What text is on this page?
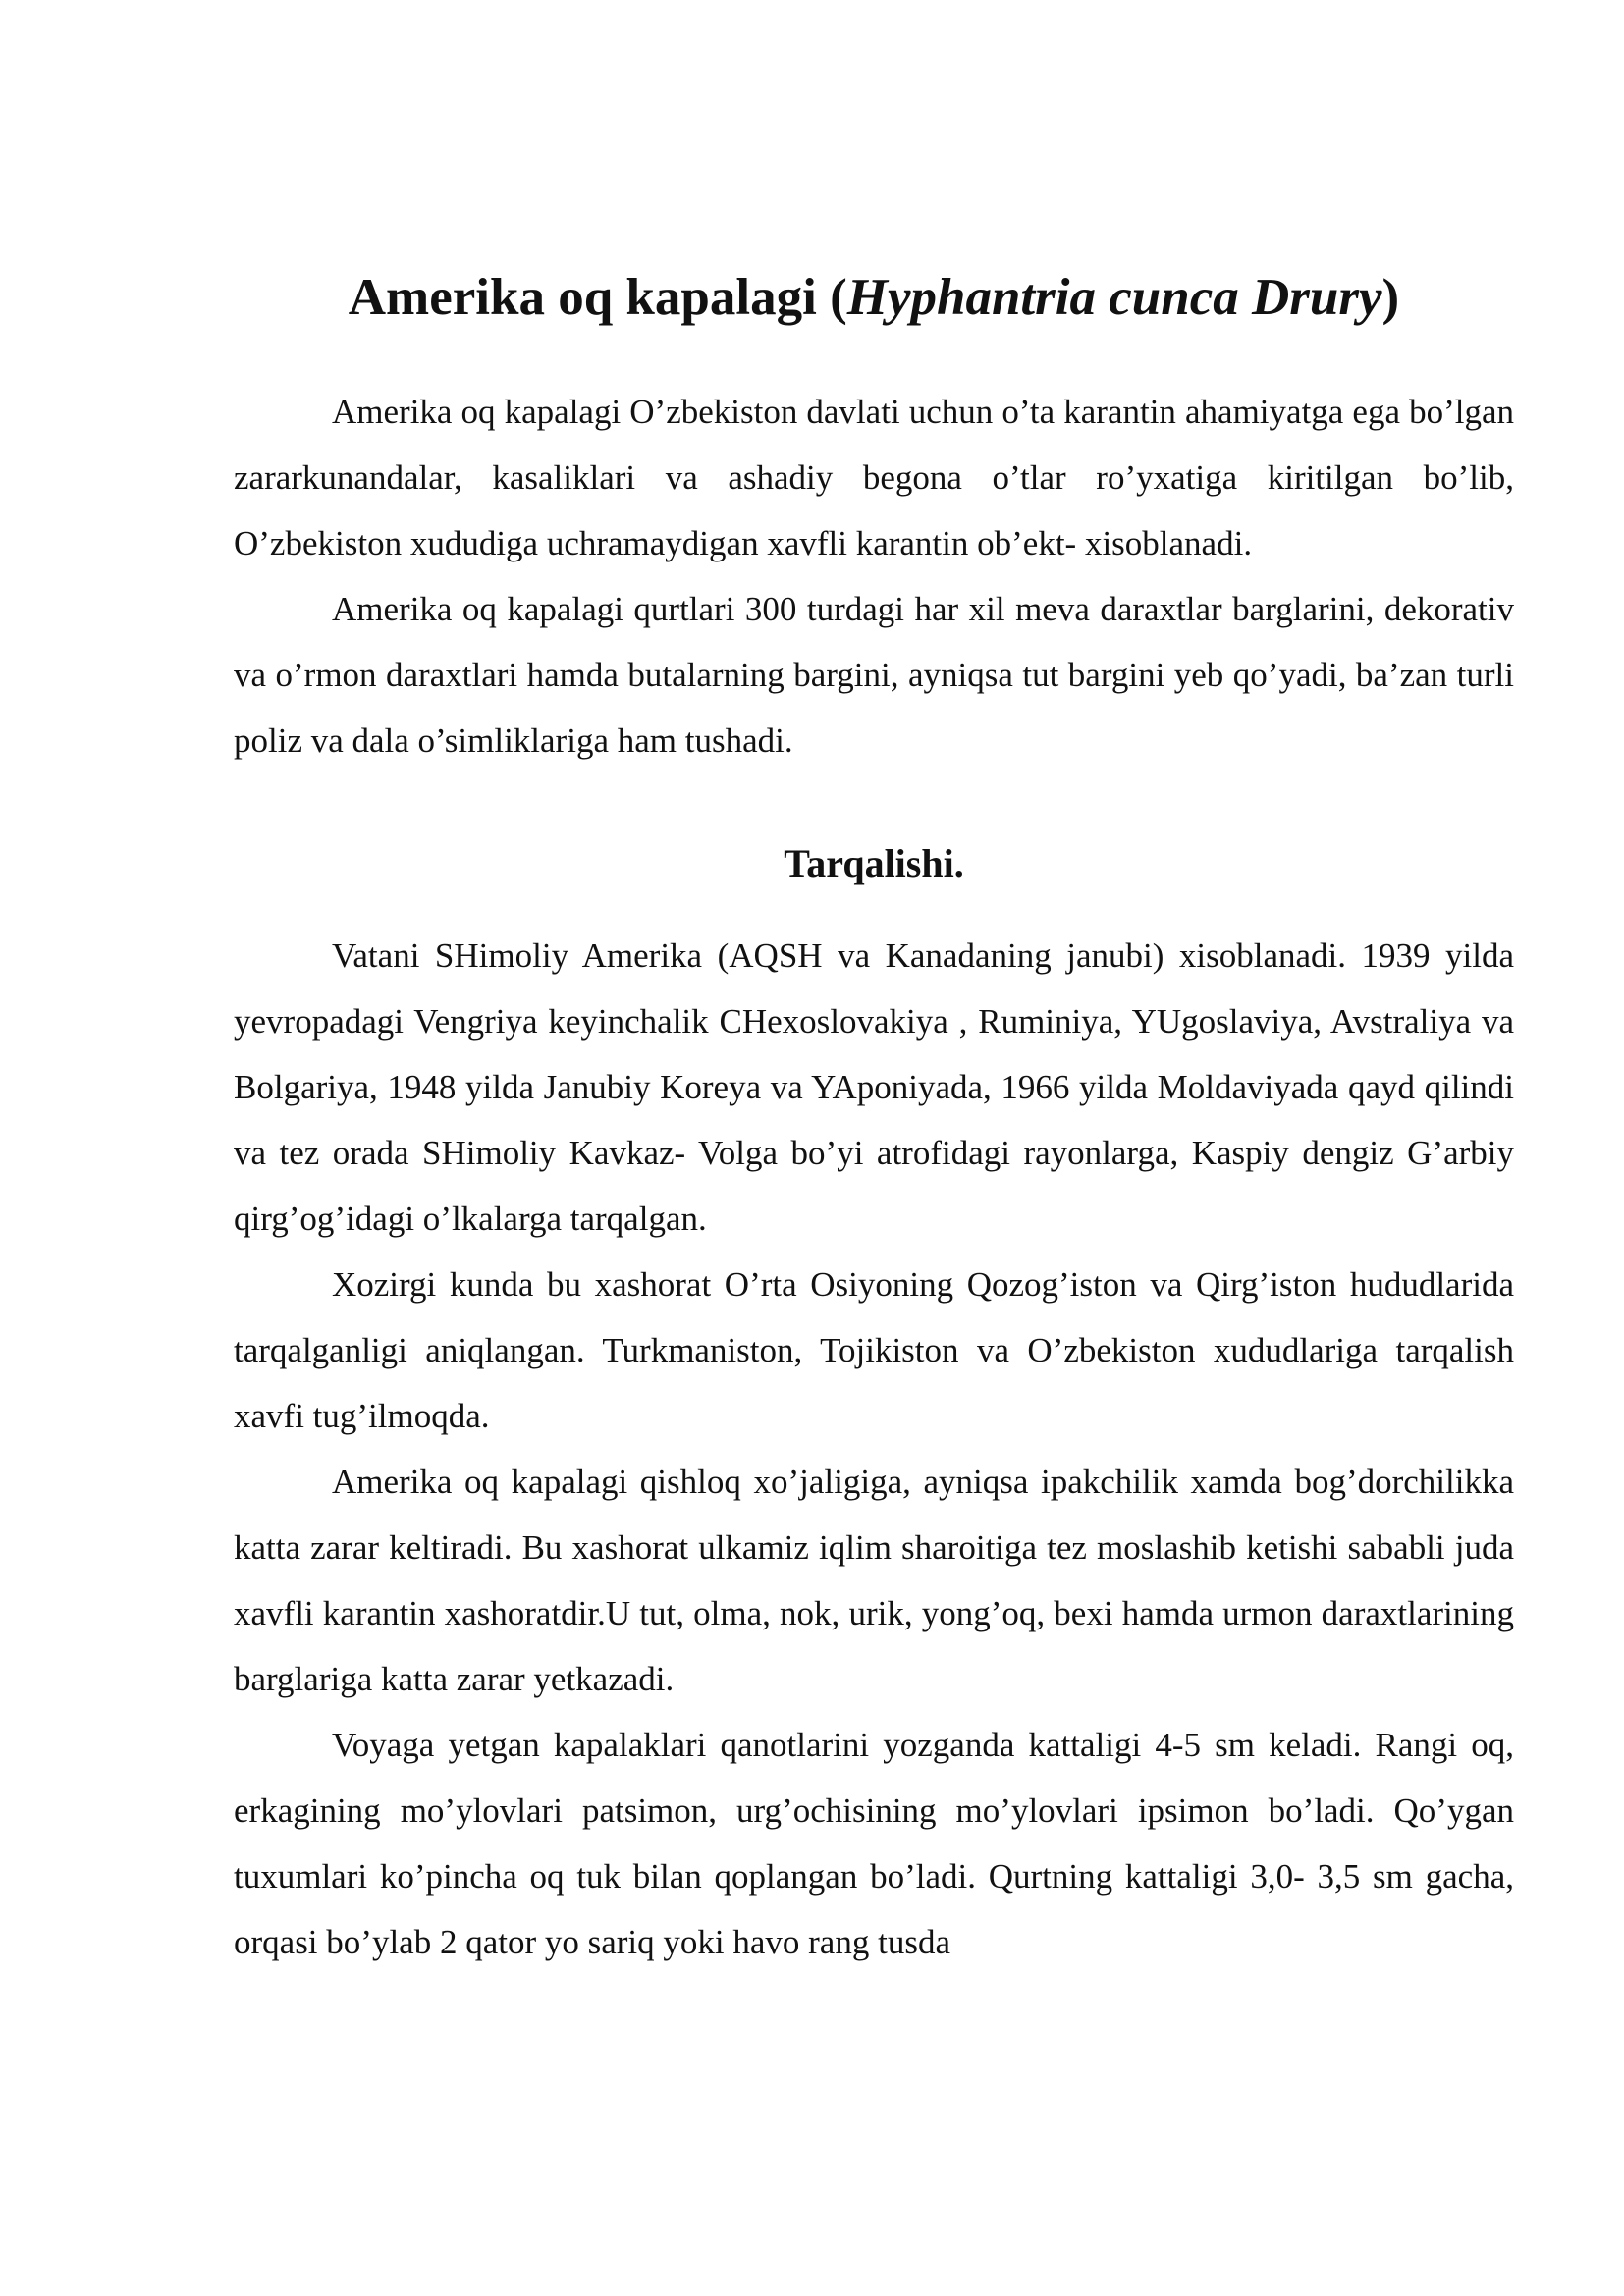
Amerika oq kapalagi (Hyphantria cunca Drury)

Amerika oq kapalagi O’zbekiston davlati uchun o’ta karantin ahamiyatga ega bo’lgan zararkunandalar, kasaliklari va ashadiy begona o’tlar ro’yxatiga kiritilgan bo’lib, O’zbekiston xududiga uchramaydigan xavfli karantin ob’ekt- xisoblanadi.

Amerika oq kapalagi qurtlari 300 turdagi har xil meva daraxtlar barglarini, dekorativ va o’rmon daraxtlari hamda butalarning bargini, ayniqsa tut bargini yeb qo’yadi, ba’zan turli poliz va dala o’simliklariga ham tushadi.

Tarqalishi.

Vatani SHimoliy Amerika (AQSH va Kanadaning janubi) xisoblanadi. 1939 yilda yevropadagi Vengriya keyinchalik CHexoslovakiya , Ruminiya, YUgoslaviya, Avstraliya va Bolgariya, 1948 yilda Janubiy Koreya va YAponiyada, 1966 yilda Moldaviyada qayd qilindi va tez orada SHimoliy Kavkaz- Volga bo’yi atrofidagi rayonlarga, Kaspiy dengiz G’arbiy qirg’og’idagi o’lkalarga tarqalgan.

Xozirgi kunda bu xashorat O’rta Osiyoning Qozog’iston va Qirg’iston hududlarida tarqalganligi aniqlangan. Turkmaniston, Tojikiston va O’zbekiston xududlariga tarqalish xavfi tug’ilmoqda.

Amerika oq kapalagi qishloq xo’jaligiga, ayniqsa ipakchilik xamda bog’dorchilikka katta zarar keltiradi. Bu xashorat ulkamiz iqlim sharoitiga tez moslashib ketishi sababli juda xavfli karantin xashoratdir.U tut, olma, nok, urik, yong’oq, bexi hamda urmon daraxtlarining barglariga katta zarar yetkazadi.

Voyaga yetgan kapalaklari qanotlarini yozganda kattaligi 4-5 sm keladi. Rangi oq, erkagining mo’ylovlari patsimon, urg’ochisining mo’ylovlari ipsimon bo’ladi. Qo’ygan tuxumlari ko’pincha oq tuk bilan qoplangan bo’ladi. Qurtning kattaligi 3,0- 3,5 sm gacha, orqasi bo’ylab 2 qator yo sariq yoki havo rang tusda
